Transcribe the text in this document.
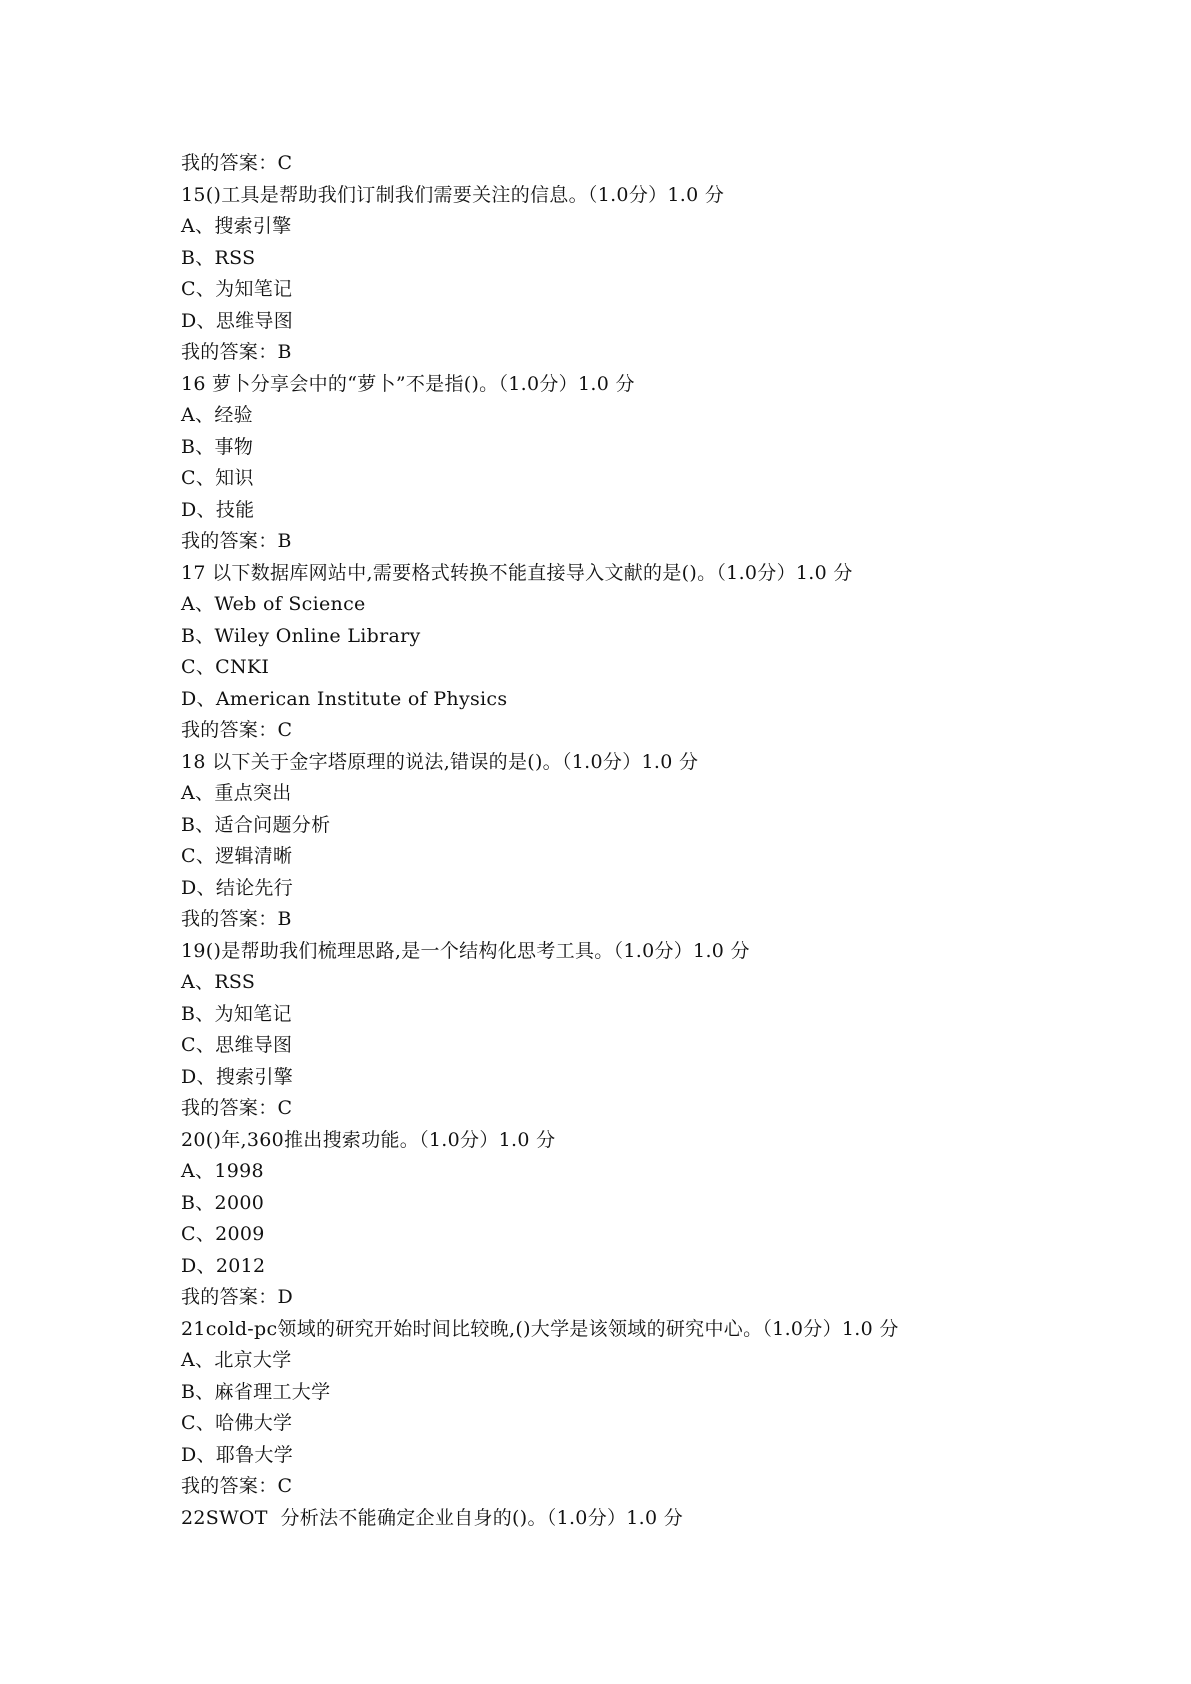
我的答案：C
15()工具是帮助我们订制我们需要关注的信息。（1.0分）1.0 分
A、搜索引擎
B、RSS
C、为知笔记
D、思维导图
我的答案：B
16 萝卜分享会中的“萝卜”不是指()。（1.0分）1.0 分
A、经验
B、事物
C、知识
D、技能
我的答案：B
17 以下数据库网站中,需要格式转换不能直接导入文献的是()。（1.0分）1.0 分
A、Web of Science
B、Wiley Online Library
C、CNKI
D、American Institute of Physics
我的答案：C
18 以下关于金字塔原理的说法,错误的是()。（1.0分）1.0 分
A、重点突出
B、适合问题分析
C、逻辑清晰
D、结论先行
我的答案：B
19()是帮助我们梳理思路,是一个结构化思考工具。（1.0分）1.0 分
A、RSS
B、为知笔记
C、思维导图
D、搜索引擎
我的答案：C
20()年,360推出搜索功能。（1.0分）1.0 分
A、1998
B、2000
C、2009
D、2012
我的答案：D
21cold-pc领域的研究开始时间比较晚,()大学是该领域的研究中心。（1.0分）1.0 分
A、北京大学
B、麻省理工大学
C、哈佛大学
D、耶鲁大学
我的答案：C
22SWOT  分析法不能确定企业自身的()。（1.0分）1.0 分
